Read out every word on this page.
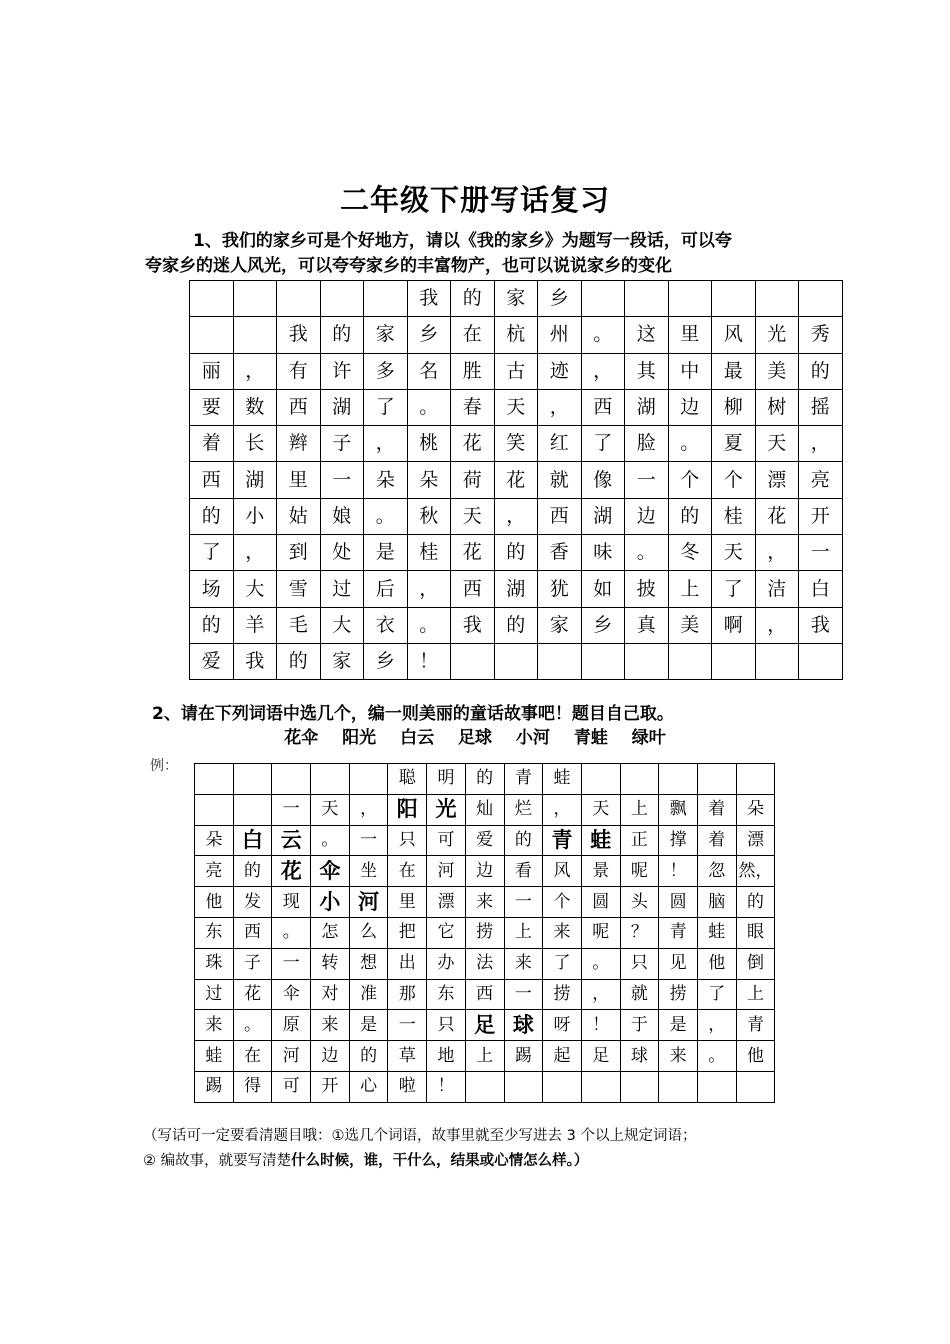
二年级下册写话复习
1、我们的家乡可是个好地方，请以《我的家乡》为题写一段话，可以夸
夸家乡的迷人风光，可以夸夸家乡的丰富物产，也可以说说家乡的变化
					我	的	家	乡						
		我	的	家	乡	在	杭	州	。	这	里	风	光	秀
丽	，	有	许	多	名	胜	古	迹	，	其	中	最	美	的
要	数	西	湖	了	。	春	天	，	西	湖	边	柳	树	摇
着	长	辫	子	，	桃	花	笑	红	了	脸	。	夏	天	，
西	湖	里	一	朵	朵	荷	花	就	像	一	个	个	漂	亮
的	小	姑	娘	。	秋	天	，	西	湖	边	的	桂	花	开
了	，	到	处	是	桂	花	的	香	味	。	冬	天	，	一
场	大	雪	过	后	，	西	湖	犹	如	披	上	了	洁	白
的	羊	毛	大	衣	。	我	的	家	乡	真	美	啊	，	我
爱	我	的	家	乡	！									
2、请在下列词语中选几个，编一则美丽的童话故事吧！题目自己取。
花伞 阳光 白云 足球 小河 青蛙 绿叶
例：
					聪	明	的	青	蛙					
		一	天	，	阳	光	灿	烂	，	天	上	飘	着	朵
朵	白	云	。	一	只	可	爱	的	青	蛙	正	撑	着	漂
亮	的	花	伞	坐	在	河	边	看	风	景	呢	！	忽	然，
他	发	现	小	河	里	漂	来	一	个	圆	头	圆	脑	的
东	西	。	怎	么	把	它	捞	上	来	呢	？	青	蛙	眼
珠	子	一	转	想	出	办	法	来	了	。	只	见	他	倒
过	花	伞	对	准	那	东	西	一	捞	，	就	捞	了	上
来	。	原	来	是	一	只	足	球	呀	！	于	是	，	青
蛙	在	河	边	的	草	地	上	踢	起	足	球	来	。	他
踢	得	可	开	心	啦	！								
（写话可一定要看清题目哦：①选几个词语，故事里就至少写进去 3 个以上规定词语；
② 编故事，就要写清楚什么时候，谁，干什么，结果或心情怎么样。）
